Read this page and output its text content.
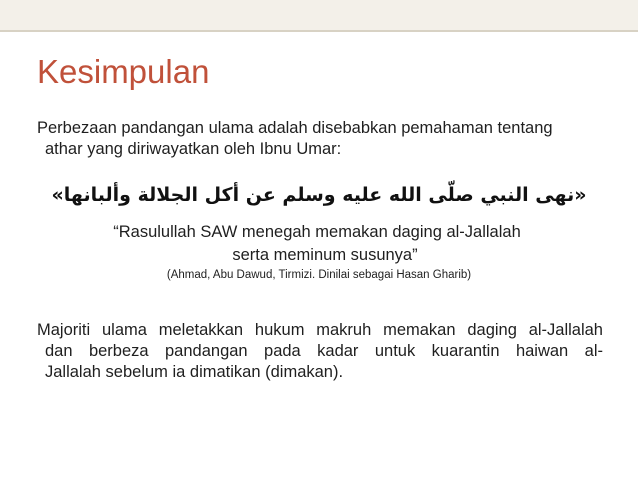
Kesimpulan
Perbezaan pandangan ulama adalah disebabkan pemahaman tentang
athar yang diriwayatkan oleh Ibnu Umar:
«نهى النبي صلّى الله عليه وسلم عن أكل الجلالة وألبانها»
“Rasulullah SAW menegah memakan daging al-Jallalah
serta meminum susunya”
(Ahmad, Abu Dawud, Tirmizi. Dinilai sebagai Hasan Gharib)
Majoriti ulama meletakkan hukum makruh memakan daging al-Jallalah
dan berbeza pandangan pada kadar untuk kuarantin haiwan al-
Jallalah sebelum ia dimatikan (dimakan).
